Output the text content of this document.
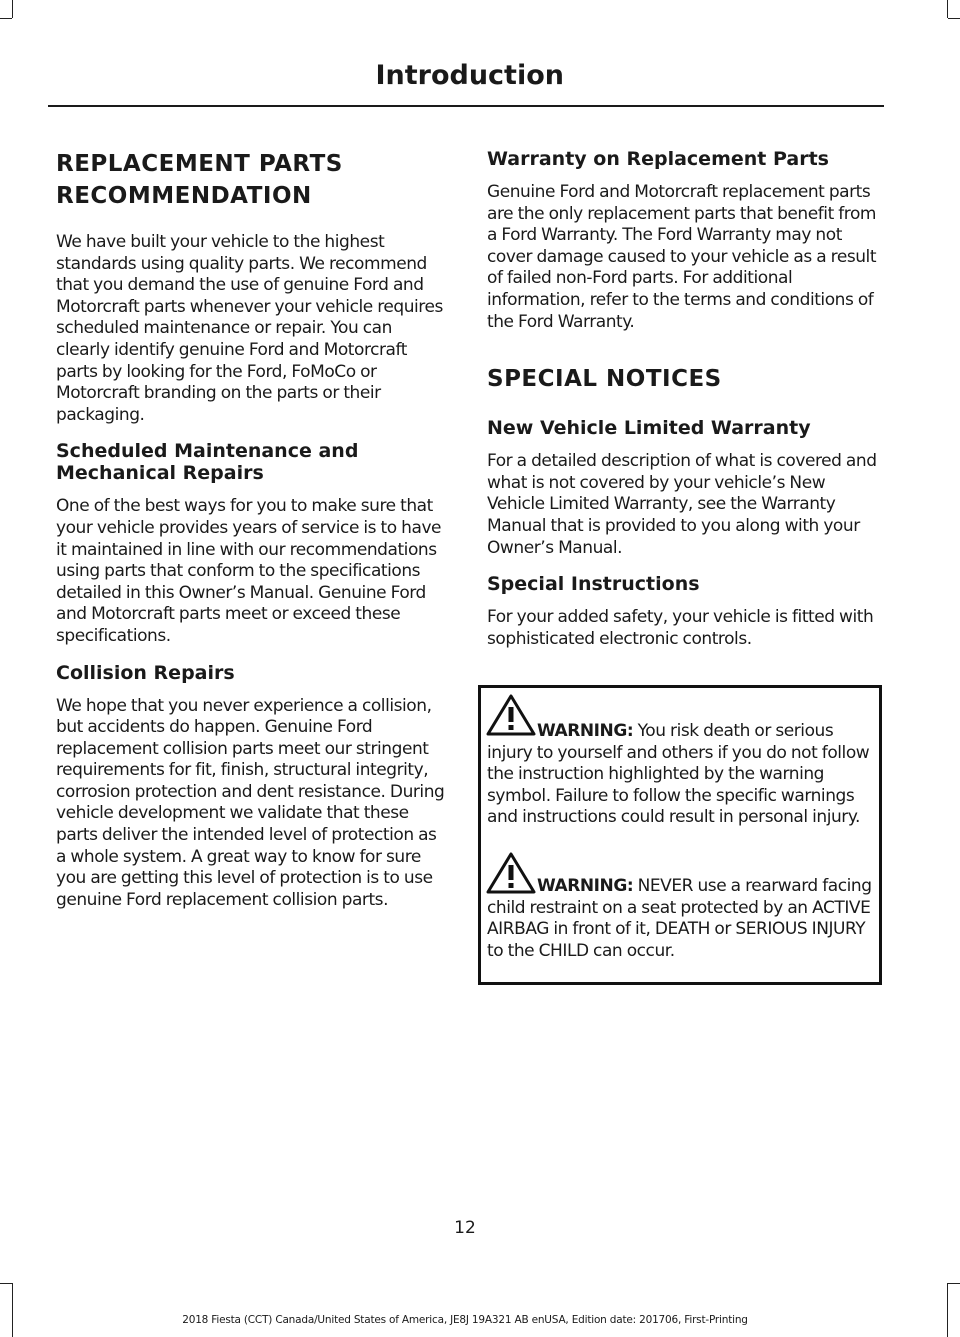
Introduction
REPLACEMENT PARTS
RECOMMENDATION

We have built your vehicle to the highest standards using quality parts. We recommend that you demand the use of genuine Ford and Motorcraft parts whenever your vehicle requires scheduled maintenance or repair. You can clearly identify genuine Ford and Motorcraft parts by looking for the Ford, FoMoCo or Motorcraft branding on the parts or their packaging.

Scheduled Maintenance and Mechanical Repairs

One of the best ways for you to make sure that your vehicle provides years of service is to have it maintained in line with our recommendations using parts that conform to the specifications detailed in this Owner’s Manual. Genuine Ford and Motorcraft parts meet or exceed these specifications.

Collision Repairs

We hope that you never experience a collision, but accidents do happen. Genuine Ford replacement collision parts meet our stringent requirements for fit, finish, structural integrity, corrosion protection and dent resistance. During vehicle development we validate that these parts deliver the intended level of protection as a whole system. A great way to know for sure you are getting this level of protection is to use genuine Ford replacement collision parts.

Warranty on Replacement Parts

Genuine Ford and Motorcraft replacement parts are the only replacement parts that benefit from a Ford Warranty. The Ford Warranty may not cover damage caused to your vehicle as a result of failed non-Ford parts. For additional information, refer to the terms and conditions of the Ford Warranty.

SPECIAL NOTICES
New Vehicle Limited Warranty

For a detailed description of what is covered and what is not covered by your vehicle’s New Vehicle Limited Warranty, see the Warranty Manual that is provided to you along with your Owner’s Manual.

Special Instructions

For your added safety, your vehicle is fitted with sophisticated electronic controls.

WARNING: You risk death or serious injury to yourself and others if you do not follow the instruction highlighted by the warning symbol. Failure to follow the specific warnings and instructions could result in personal injury.

WARNING: NEVER use a rearward facing child restraint on a seat protected by an ACTIVE AIRBAG in front of it, DEATH or SERIOUS INJURY to the CHILD can occur.

12
2018 Fiesta (CCT) Canada/United States of America, JE8J 19A321 AB enUSA, Edition date: 201706, First-Printing
